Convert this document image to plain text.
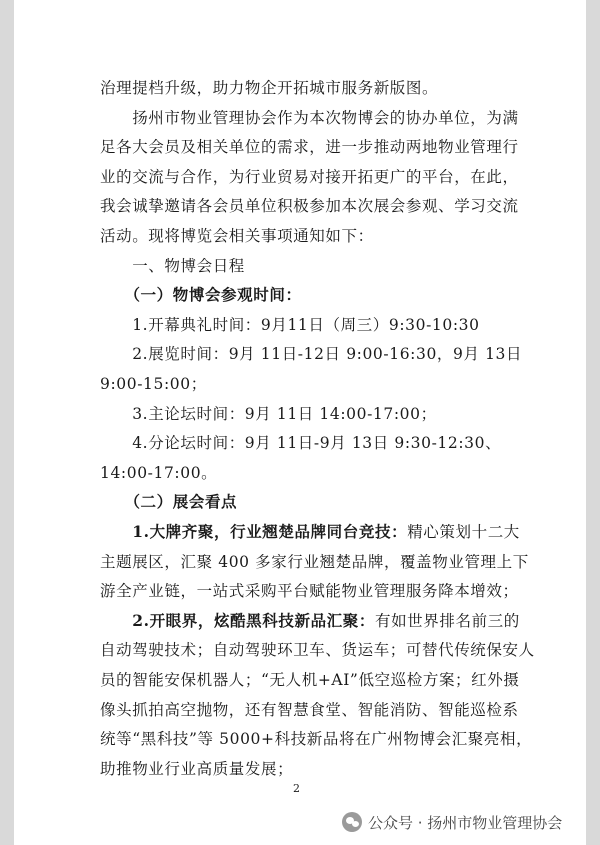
治理提档升级，助力物企开拓城市服务新版图。
　　扬州市物业管理协会作为本次物博会的协办单位，为满
足各大会员及相关单位的需求，进一步推动两地物业管理行
业的交流与合作，为行业贸易对接开拓更广的平台，在此，
我会诚挚邀请各会员单位积极参加本次展会参观、学习交流
活动。现将博览会相关事项通知如下：
　　一、物博会日程
　　（一）物博会参观时间：
　　1.开幕典礼时间：9月11日（周三）9:30-10:30
　　2.展览时间：9月 11日-12日 9:00-16:30，9月 13日
9:00-15:00；
　　3.主论坛时间：9月 11日 14:00-17:00；
　　4.分论坛时间：9月 11日-9月 13日 9:30-12:30、
14:00-17:00。
　　（二）展会看点
　　1.大牌齐聚，行业翘楚品牌同台竞技：精心策划十二大
主题展区，汇聚 400 多家行业翘楚品牌，覆盖物业管理上下
游全产业链，一站式采购平台赋能物业管理服务降本增效；
　　2.开眼界，炫酷黑科技新品汇聚：有如世界排名前三的
自动驾驶技术；自动驾驶环卫车、货运车；可替代传统保安人
员的智能安保机器人；“无人机+AI”低空巡检方案；红外摄
像头抓拍高空抛物，还有智慧食堂、智能消防、智能巡检系
统等“黑科技”等 5000+科技新品将在广州物博会汇聚亮相，
助推物业行业高质量发展；
2
公众号 · 扬州市物业管理协会
